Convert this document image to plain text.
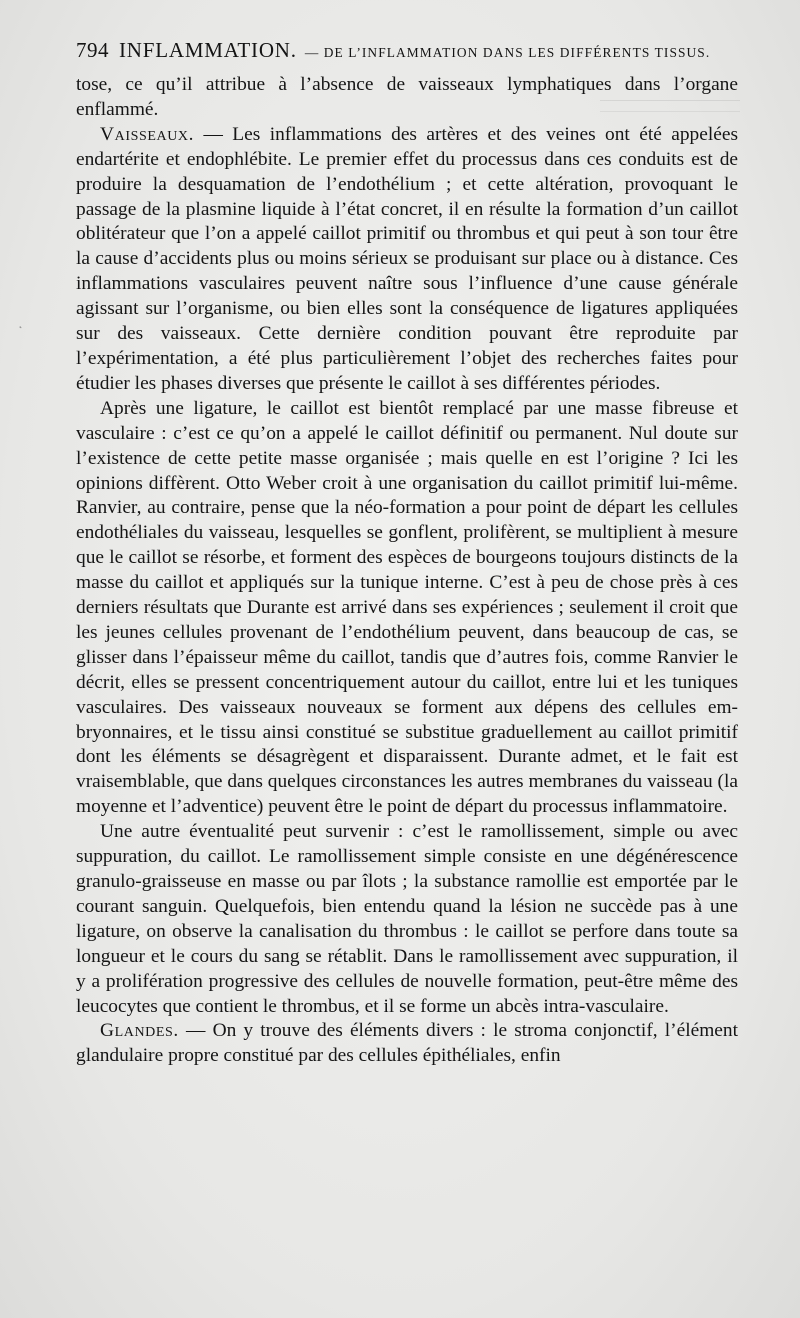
794 INFLAMMATION. — DE L’INFLAMMATION DANS LES DIFFÉRENTS TISSUS.
˛

tose, ce qu’il attribue à l’absence de vaisseaux lymphatiques dans l’organe enflammé.

Vaisseaux. — Les inflammations des artères et des veines ont été appelées endartérite et endophlébite. Le premier effet du processus dans ces conduits est de produire la desquamation de l’endothélium ; et cette altération, provoquant le passage de la plasmine liquide à l’état concret, il en résulte la formation d’un caillot oblitérateur que l’on a appelé caillot primitif ou thrombus et qui peut à son tour être la cause d’accidents plus ou moins sérieux se produisant sur place ou à distance. Ces inflammations vasculaires peuvent naître sous l’influence d’une cause générale agissant sur l’organisme, ou bien elles sont la conséquence de ligatures appliquées sur des vaisseaux. Cette dernière condition pouvant être reproduite par l’expérimentation, a été plus particulièrement l’objet des recherches faites pour étudier les phases diverses que présente le caillot à ses différentes périodes.

Après une ligature, le caillot est bientôt remplacé par une masse fibreuse et vasculaire : c’est ce qu’on a appelé le caillot définitif ou permanent. Nul doute sur l’existence de cette petite masse organisée ; mais quelle en est l’origine ? Ici les opinions diffèrent. Otto Weber croit à une organisation du caillot primitif lui-même. Ranvier, au contraire, pense que la néo-formation a pour point de départ les cellules endothéliales du vaisseau, lesquelles se gonflent, prolifèrent, se multiplient à mesure que le caillot se résorbe, et forment des espèces de bourgeons toujours distincts de la masse du caillot et appliqués sur la tunique interne. C’est à peu de chose près à ces derniers résultats que Durante est arrivé dans ses expériences ; seulement il croit que les jeunes cellules provenant de l’endothélium peuvent, dans beaucoup de cas, se glisser dans l’épaisseur même du caillot, tandis que d’autres fois, comme Ranvier le décrit, elles se pressent concentriquement autour du caillot, entre lui et les tuniques vasculaires. Des vaisseaux nouveaux se forment aux dépens des cellules embryonnaires, et le tissu ainsi constitué se substitue graduellement au caillot primitif dont les éléments se désagrègent et disparaissent. Durante admet, et le fait est vraisemblable, que dans quelques circonstances les autres membranes du vaisseau (la moyenne et l’adventice) peuvent être le point de départ du processus inflammatoire.

Une autre éventualité peut survenir : c’est le ramollissement, simple ou avec suppuration, du caillot. Le ramollissement simple consiste en une dégénérescence granulo-graisseuse en masse ou par îlots ; la substance ramollie est emportée par le courant sanguin. Quelquefois, bien entendu quand la lésion ne succède pas à une ligature, on observe la canalisation du thrombus : le caillot se perfore dans toute sa longueur et le cours du sang se rétablit. Dans le ramollissement avec suppuration, il y a prolifération progressive des cellules de nouvelle formation, peut-être même des leucocytes que contient le thrombus, et il se forme un abcès intra-vasculaire.

Glandes. — On y trouve des éléments divers : le stroma conjonctif, l’élément glandulaire propre constitué par des cellules épithéliales, enfin
